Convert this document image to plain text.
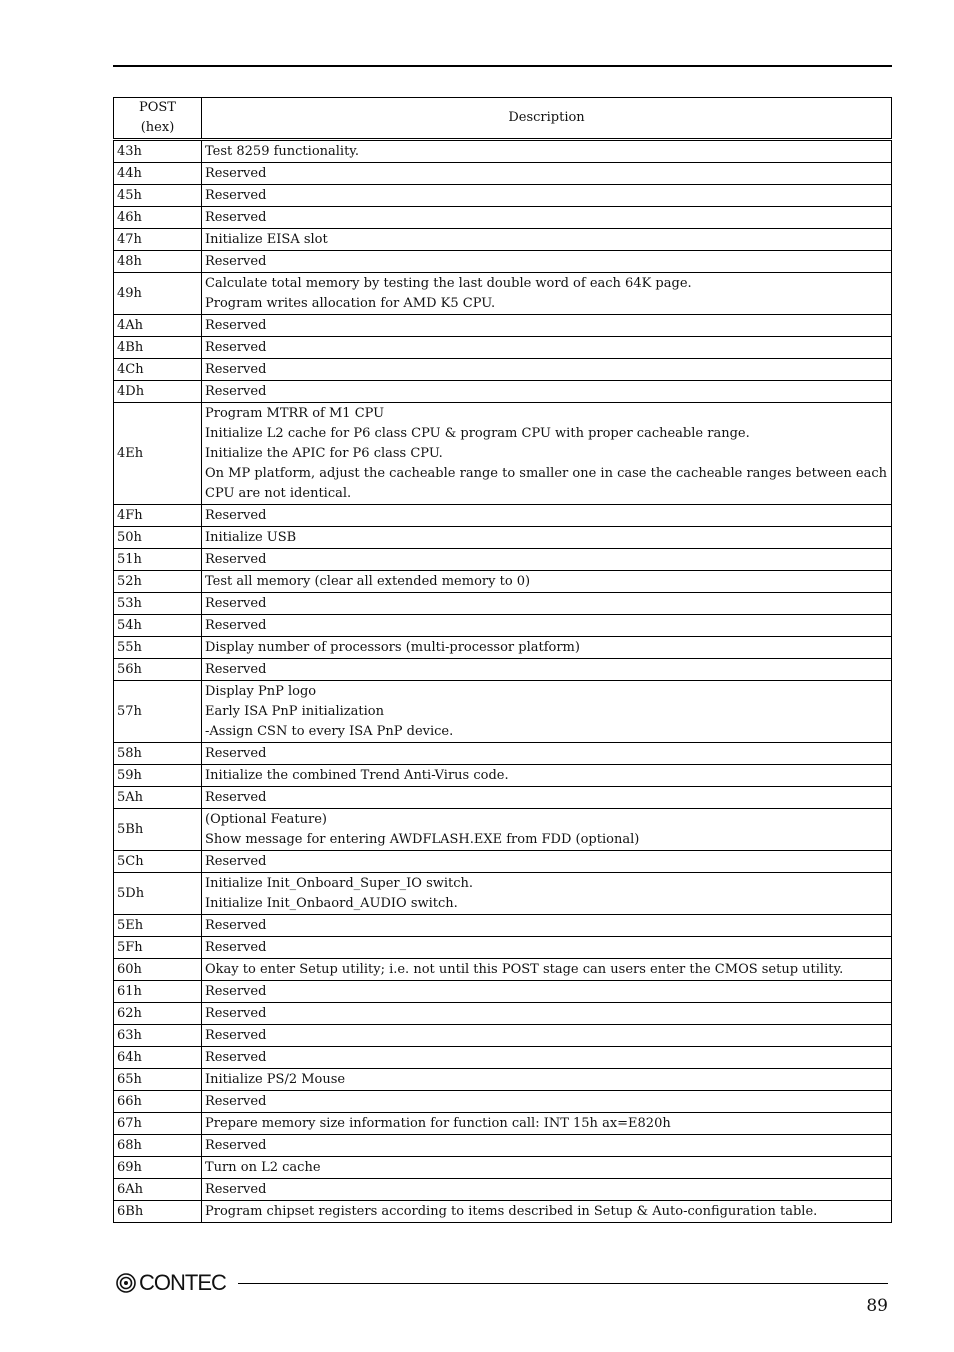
POST
(hex)	Description
43h	Test 8259 functionality.

44h	Reserved

45h	Reserved

46h	Reserved

47h	Initialize EISA slot

48h	Reserved

49h	Calculate total memory by testing the last double word of each 64K page.
Program writes allocation for AMD K5 CPU.

4Ah	Reserved

4Bh	Reserved

4Ch	Reserved

4Dh	Reserved

4Eh	Program MTRR of M1 CPU
Initialize L2 cache for P6 class CPU & program CPU with proper cacheable range.
Initialize the APIC for P6 class CPU.
On MP platform, adjust the cacheable range to smaller one in case the cacheable ranges between each CPU are not identical.

4Fh	Reserved

50h	Initialize USB

51h	Reserved

52h	Test all memory (clear all extended memory to 0)

53h	Reserved

54h	Reserved

55h	Display number of processors (multi-processor platform)

56h	Reserved

57h	Display PnP logo
Early ISA PnP initialization
-Assign CSN to every ISA PnP device.

58h	Reserved

59h	Initialize the combined Trend Anti-Virus code.

5Ah	Reserved

5Bh	(Optional Feature)
Show message for entering AWDFLASH.EXE from FDD (optional)

5Ch	Reserved

5Dh	Initialize Init_Onboard_Super_IO switch.
Initialize Init_Onbaord_AUDIO switch.

5Eh	Reserved

5Fh	Reserved

60h	Okay to enter Setup utility; i.e. not until this POST stage can users enter the CMOS setup utility.

61h	Reserved

62h	Reserved

63h	Reserved

64h	Reserved

65h	Initialize PS/2 Mouse

66h	Reserved

67h	Prepare memory size information for function call: INT 15h ax=E820h

68h	Reserved

69h	Turn on L2 cache

6Ah	Reserved

6Bh	Program chipset registers according to items described in Setup & Auto-configuration table.
CONTEC
89
